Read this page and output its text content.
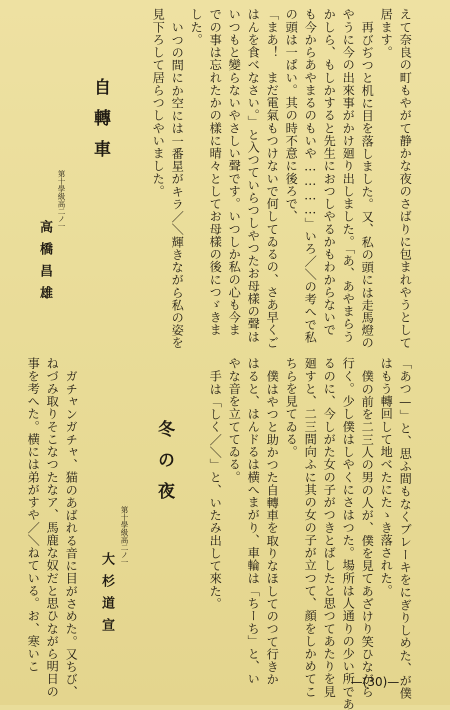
えて奈良の町もやがて静かな夜のさばりに包まれやうとして
居ます。
再びぢつと机に目を落しました。又、私の頭には走馬燈の
やうに今の出來事がかけ廻り出しました。「あ、あやまらう
かしら、もしかすると先生におつしやるかもわからないで
も今からあやまるのもいや…………」いろ／＼の考へで私
の頭は一ぱい。其の時不意に後ろで、
「まあ！　まだ電氣もつけないで何してゐるの、さあ早くご
はんを食べなさい。」と入つていらつしやつたお母樣の聲は
いつもと變らないやさしい聲です。いつしか私の心も今ま
での事は忘れたかの樣に晴々としてお母樣の後につゞきま
した。
いつの間にか空には一番星がキラ／＼輝きながら私の姿を
見下ろして居らつしやいました。
自轉車
第十學級高二ノ一
高橋昌雄
「あつ—」と、思ふ間もなくブレーキをにぎりしめた、が僕
はもう轉回して地べたにたゝき落された。
僕の前を二三人の男の人が、僕を見てあざけり笑ひながら
行く。少し僕はしやくにさはつた。場所は人通りの少い所であ
るのに、今しがた女の子がつきとばしたと思つてあたりを見
廻すと、二三間向ふに其の女の子が立つて、顔をしかめてこ
ちらを見てゐる。
僕はやつと助かつた自轉車を取りなほしてのつて行きか
はると、はんドるは横へまがり、車輪は「ちーち」と、い
やな音を立ててゐる。
手は「しく／＼」と、いたみ出して來た。
冬の夜
第十學級高二ノ一
大杉道宣
ガチャンガチャ、猫のあばれる音に目がさめた。又ちび、
ねづみ取りそこなつたなア、馬鹿な奴だと思ひながら明日の
事を考へた。横には弟がすや／＼ねている。お、寒いこ
—(30)—
